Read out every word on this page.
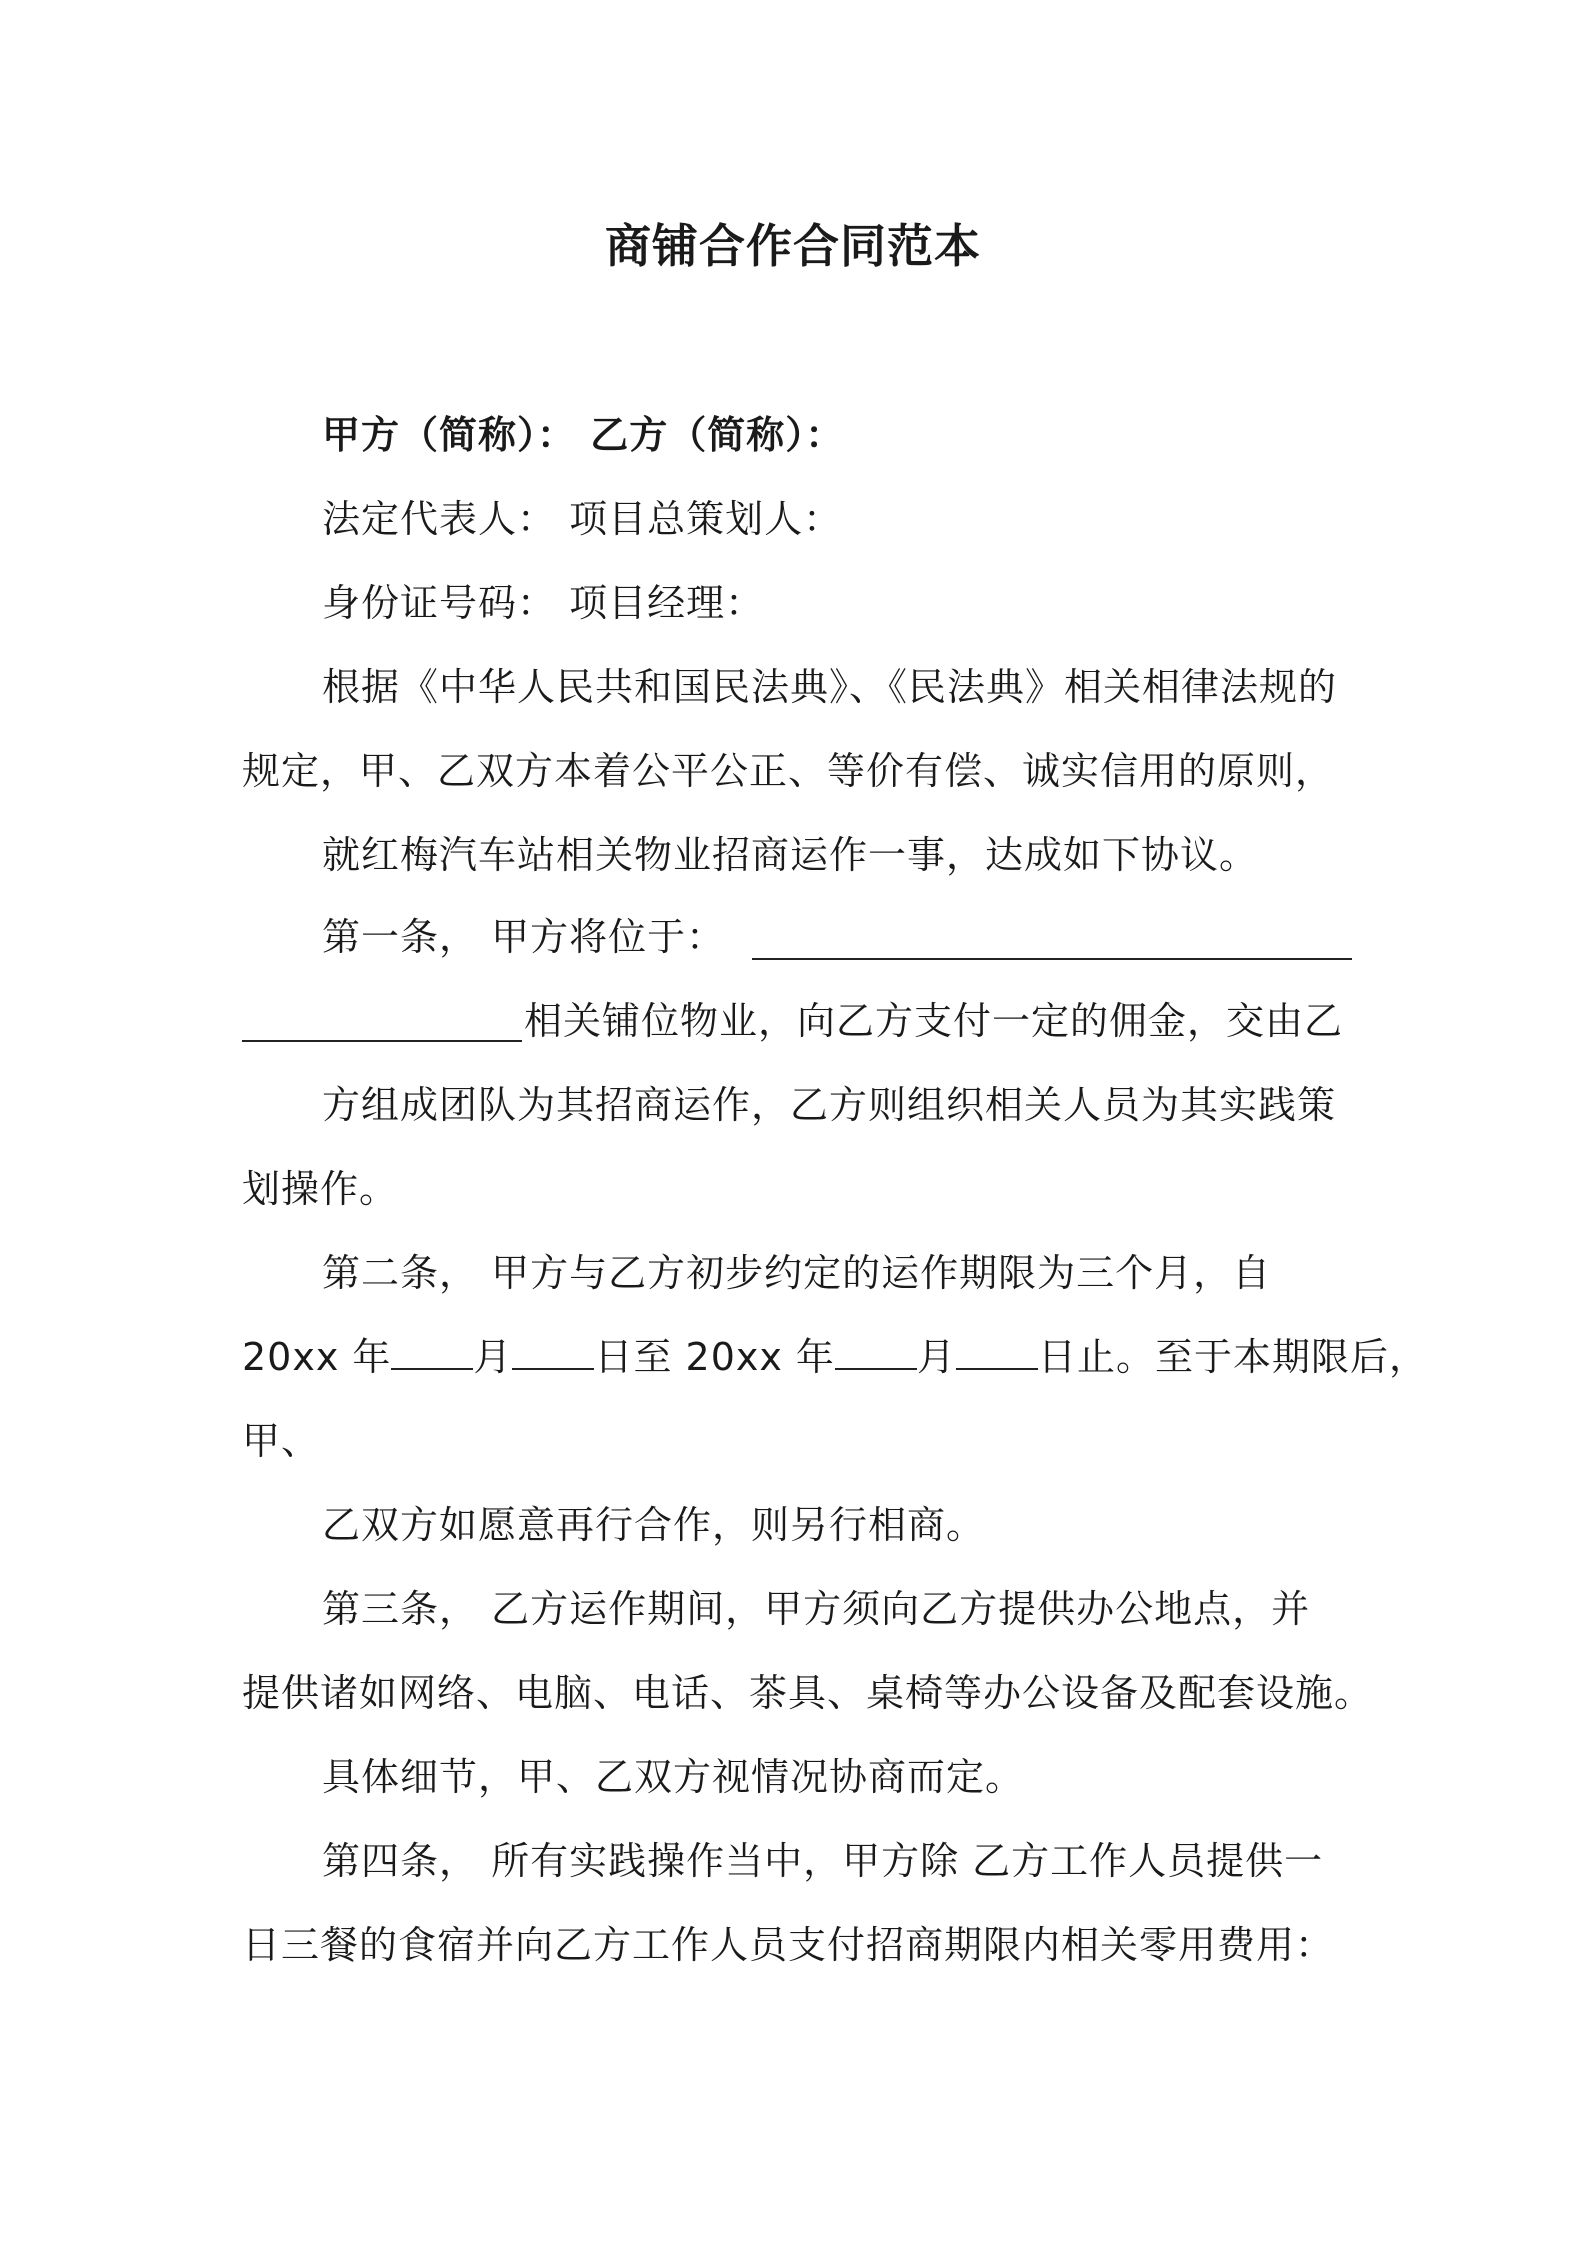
商铺合作合同范本
甲方（简称）： 乙方（简称）：
法定代表人： 项目总策划人：
身份证号码： 项目经理：
根据《中华人民共和国民法典》、《民法典》相关相律法规的
规定，甲、乙双方本着公平公正、等价有偿、诚实信用的原则，
就红梅汽车站相关物业招商运作一事，达成如下协议。
第一条， 甲方将位于：
相关铺位物业，向乙方支付一定的佣金，交由乙
方组成团队为其招商运作，乙方则组织相关人员为其实践策
划操作。
第二条， 甲方与乙方初步约定的运作期限为三个月，自
20xx 年 月 日至 20xx 年 月 日止。至于本期限后，
甲、
乙双方如愿意再行合作，则另行相商。
第三条， 乙方运作期间，甲方须向乙方提供办公地点，并
提供诸如网络、电脑、电话、茶具、桌椅等办公设备及配套设施。
具体细节，甲、乙双方视情况协商而定。
第四条， 所有实践操作当中，甲方除 乙方工作人员提供一
日三餐的食宿并向乙方工作人员支付招商期限内相关零用费用：
